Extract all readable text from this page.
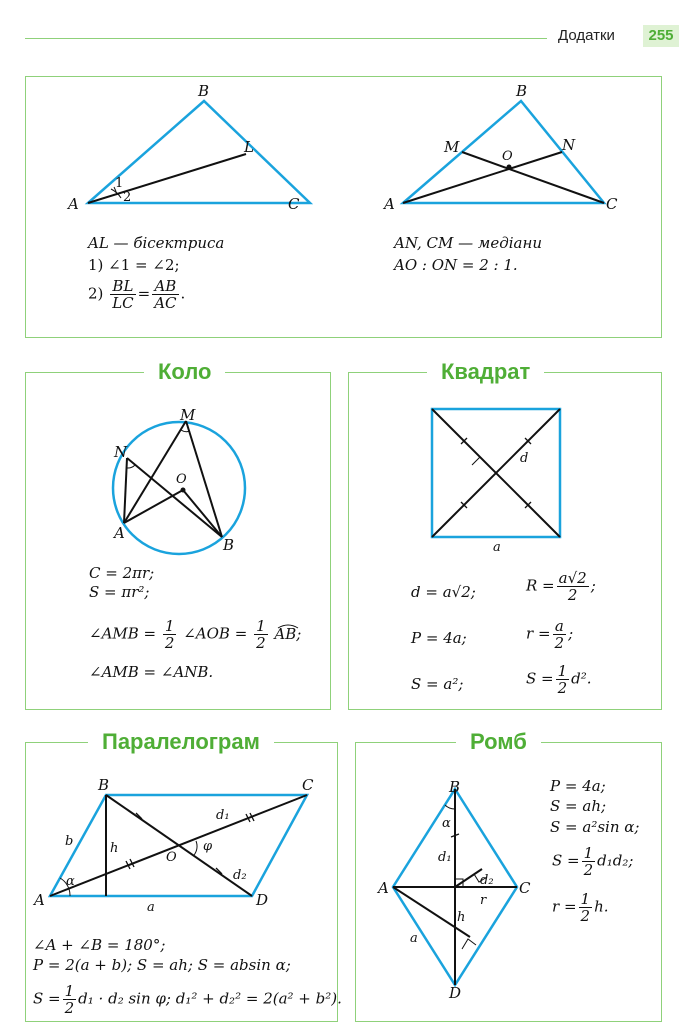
Додатки	255
A
B
C
L
1
2	A
B
C
M	N
O
AL — бісектриса
1) ∠1 = ∠2;
$2) \frac{BL}{LC} = \frac{AB}{AC}$ .
AN, CM — медіани
AO : ON = 2 : 1.
Коло
M
N
O
A
B
C = 2πr;
S = πr²;
∠AMB = $\frac{1}{2}$ ∠AOB = $\frac{1}{2}$ AB;
∠AMB = ∠ANB.
Квадрат
d
a
d = a√2;	$R = \frac{a√2}{2}$ ;
P = 4a;	$r = \frac{a}{2}$ ;
S = a²;	$S = \frac{1}{2} d^2$.
Паралелограм
A
B	C
D
O
h
a
b
α
φ
d₁
d₂
∠A + ∠B = 180°;
P = 2(a + b); S = ah; S = absin α;
$S = \frac{1}{2} d_1 \cdot d_2$ sin φ; d₁² + d₂² = 2(a² + b²).
Ромб
B
C
A
D
α
d₁
d₂
h
r
a
P = 4a;
S = ah;
S = a²sin α;
$S = \frac{1}{2} d_1d_2$;
$r = \frac{1}{2} h$.
